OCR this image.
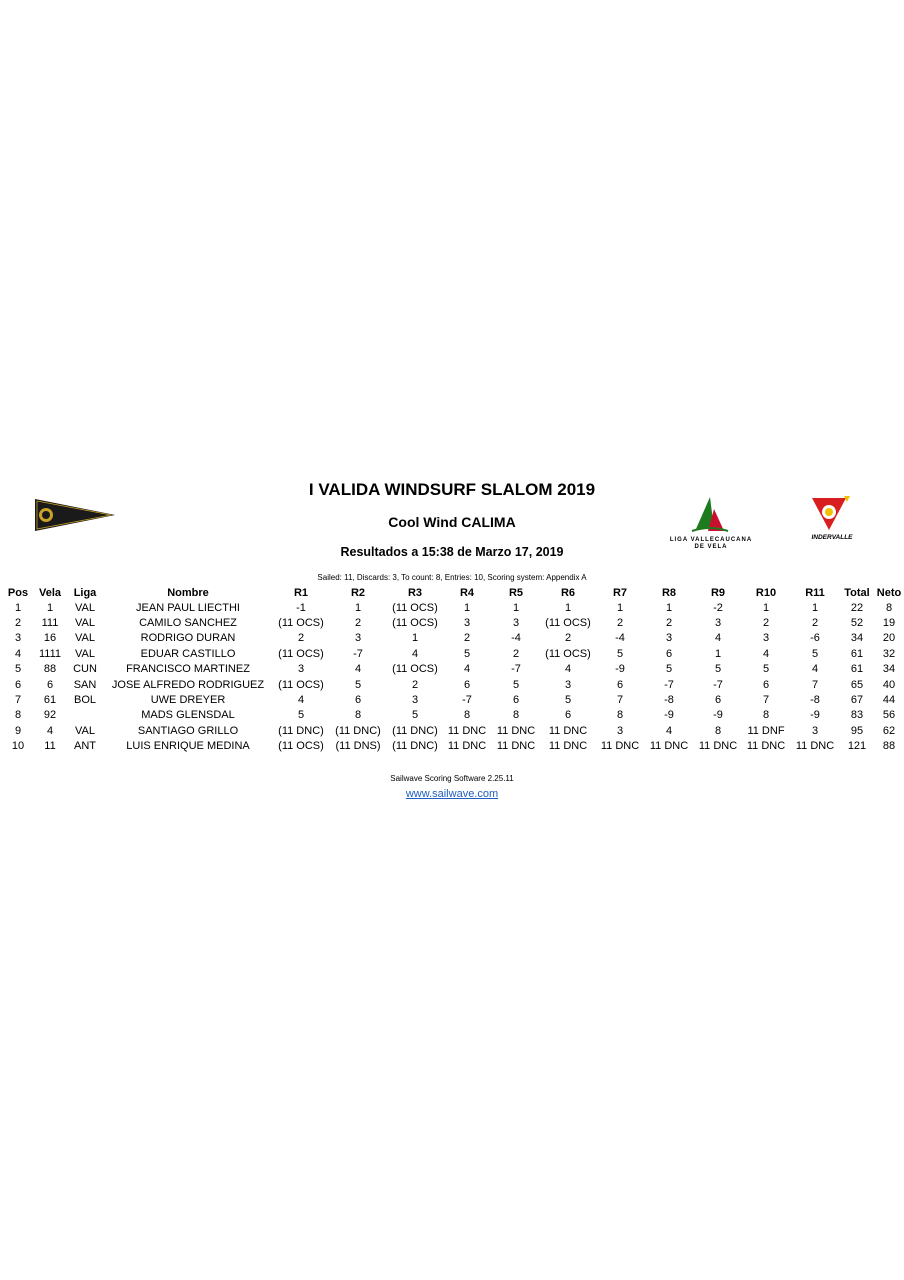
I VALIDA WINDSURF SLALOM 2019
Cool Wind CALIMA
Resultados a 15:38 de Marzo 17, 2019
Sailed: 11, Discards: 3, To count: 8, Entries: 10, Scoring system: Appendix A
LIGA VALLECAUCANA
DE VELA
INDERVALLE
Pos	Vela	Liga	Nombre	R1	R2	R3	R4	R5	R6	R7	R8	R9	R10	R11	Total	Neto
1	1	VAL	JEAN PAUL LIECTHI	-1	1	(11 OCS)	1	1	1	1	1	-2	1	1	22	8
2	111	VAL	CAMILO SANCHEZ	(11 OCS)	2	(11 OCS)	3	3	(11 OCS)	2	2	3	2	2	52	19
3	16	VAL	RODRIGO DURAN	2	3	1	2	-4	2	-4	3	4	3	-6	34	20
4	1111	VAL	EDUAR CASTILLO	(11 OCS)	-7	4	5	2	(11 OCS)	5	6	1	4	5	61	32
5	88	CUN	FRANCISCO MARTINEZ	3	4	(11 OCS)	4	-7	4	-9	5	5	5	4	61	34
6	6	SAN	JOSE ALFREDO RODRIGUEZ	(11 OCS)	5	2	6	5	3	6	-7	-7	6	7	65	40
7	61	BOL	UWE DREYER	4	6	3	-7	6	5	7	-8	6	7	-8	67	44
8	92		MADS GLENSDAL	5	8	5	8	8	6	8	-9	-9	8	-9	83	56
9	4	VAL	SANTIAGO GRILLO	(11 DNC)	(11 DNC)	(11 DNC)	11 DNC	11 DNC	11 DNC	3	4	8	11 DNF	3	95	62
10	11	ANT	LUIS ENRIQUE MEDINA	(11 OCS)	(11 DNS)	(11 DNC)	11 DNC	11 DNC	11 DNC	11 DNC	11 DNC	11 DNC	11 DNC	11 DNC	121	88
Sailwave Scoring Software 2.25.11
www.sailwave.com
